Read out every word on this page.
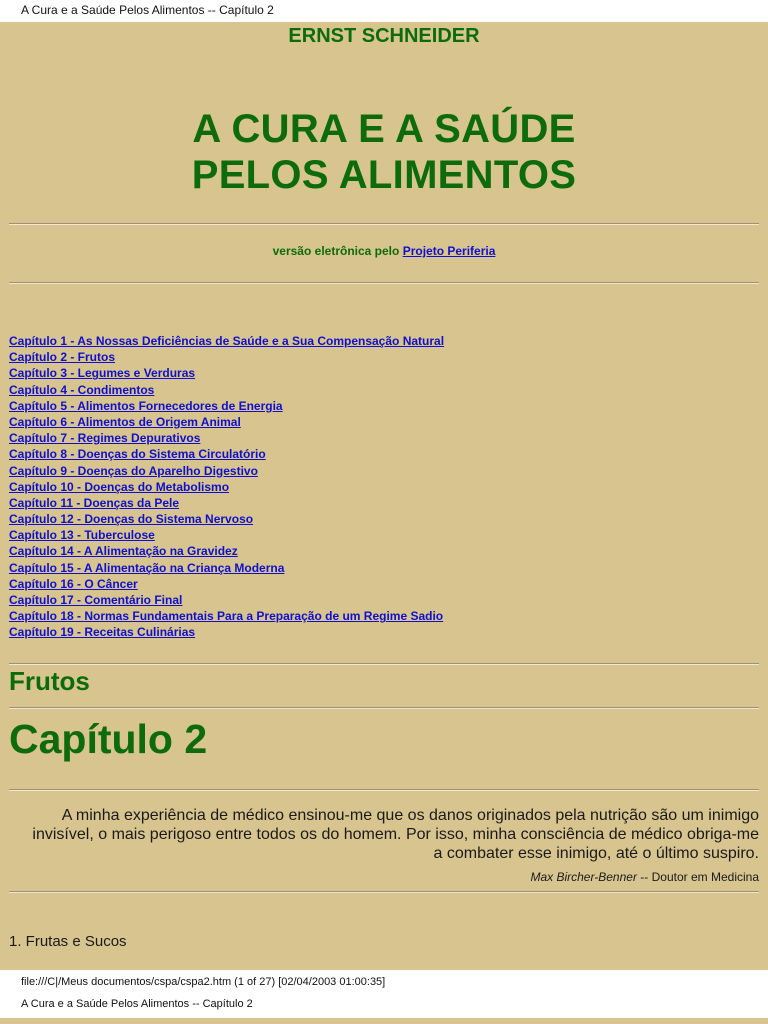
A Cura e a Saúde Pelos Alimentos -- Capítulo 2
ERNST SCHNEIDER
A CURA E A SAÚDE
PELOS ALIMENTOS
versão eletrônica pelo Projeto Periferia
Capítulo 1 - As Nossas Deficiências de Saúde e a Sua Compensação Natural
Capítulo 2 - Frutos
Capítulo 3 - Legumes e Verduras
Capítulo 4 - Condimentos
Capítulo 5 - Alimentos Fornecedores de Energia
Capítulo 6 - Alimentos de Origem Animal
Capítulo 7 - Regimes Depurativos
Capítulo 8 - Doenças do Sistema Circulatório
Capítulo 9 - Doenças do Aparelho Digestivo
Capítulo 10 - Doenças do Metabolismo
Capítulo 11 - Doenças da Pele
Capítulo 12 - Doenças do Sistema Nervoso
Capítulo 13 - Tuberculose
Capítulo 14 - A Alimentação na Gravidez
Capítulo 15 - A Alimentação na Criança Moderna
Capítulo 16 - O Câncer
Capítulo 17 - Comentário Final
Capítulo 18 - Normas Fundamentais Para a Preparação de um Regime Sadio
Capítulo 19 - Receitas Culinárias
Frutos
Capítulo 2
A minha experiência de médico ensinou-me que os danos originados pela nutrição são um inimigo
invisível, o mais perigoso entre todos os do homem. Por isso, minha consciência de médico obriga-me
a combater esse inimigo, até o último suspiro.
Max Bircher-Benner -- Doutor em Medicina
1. Frutas e Sucos
file:///C|/Meus documentos/cspa/cspa2.htm (1 of 27) [02/04/2003 01:00:35]
A Cura e a Saúde Pelos Alimentos -- Capítulo 2
